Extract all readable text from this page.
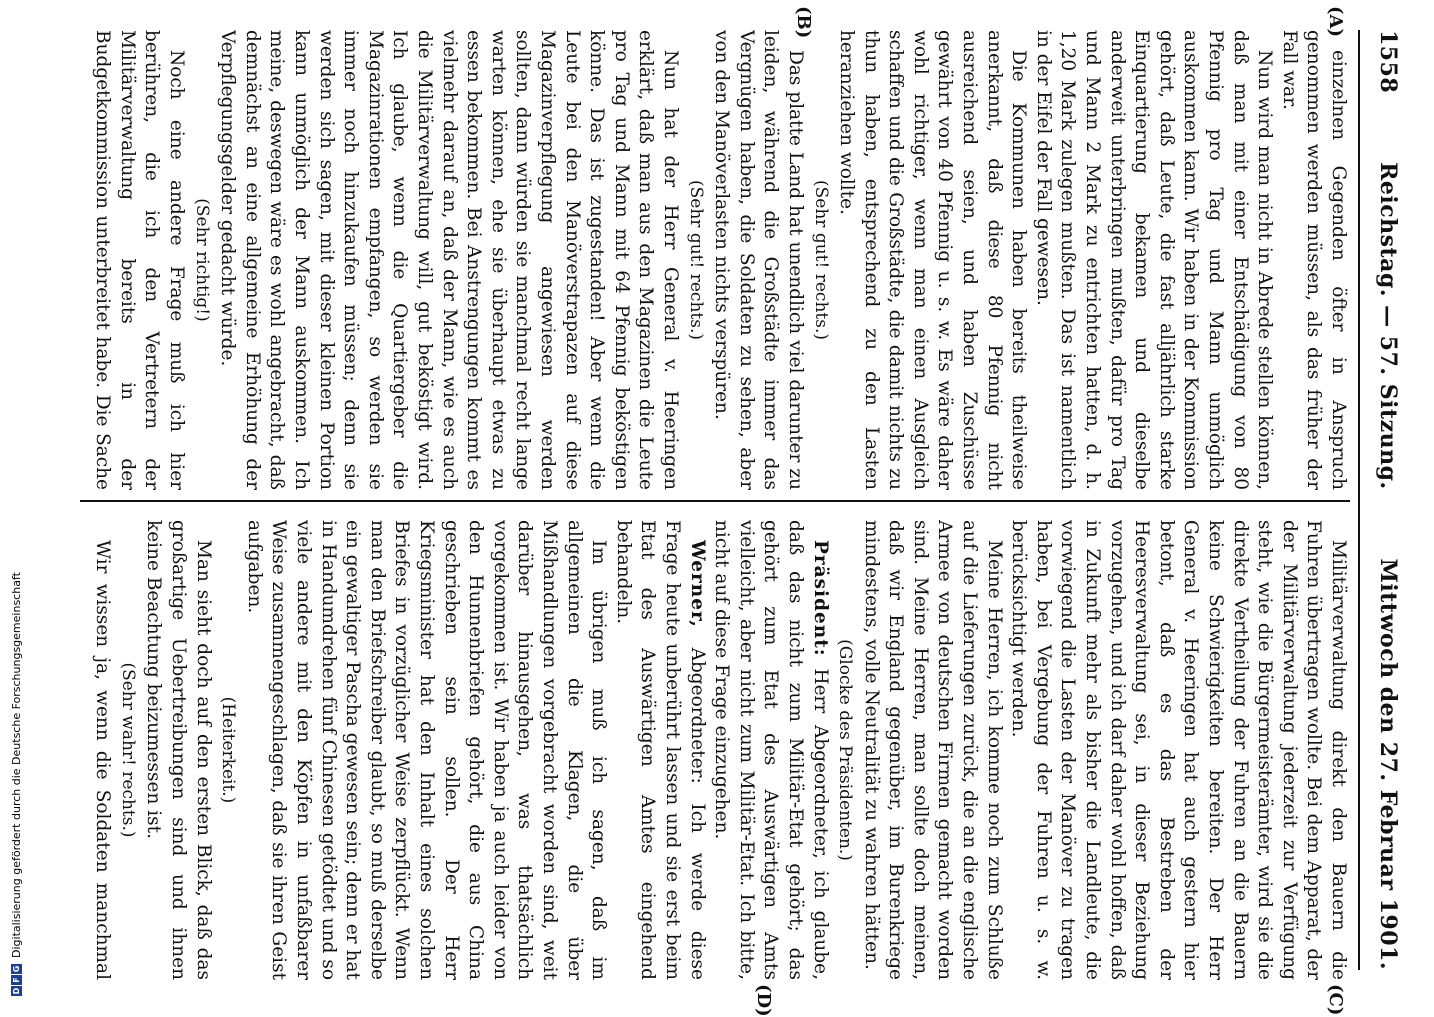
1558
Reichstag. — 57. Sitzung.
Mittwoch den 27. Februar 1901.
(A)
(B)
(C)
(D)

einzelnen Gegenden öfter in Anspruch genommen werden müssen, als das früher der Fall war.

Nun wird man nicht in Abrede stellen können, daß man mit einer Entschädigung von 80 Pfennig pro Tag und Mann unmöglich auskommen kann. Wir haben in der Kommission gehört, daß Leute, die fast alljährlich starke Einquartierung bekamen und dieselbe anderweit unterbringen mußten, dafür pro Tag und Mann 2 Mark zu entrichten hatten, d. h. 1,20 Mark zulegen mußten. Das ist namentlich in der Eifel der Fall gewesen.

Die Kommunen haben bereits theilweise anerkannt, daß diese 80 Pfennig nicht ausreichend seien, und haben Zuschüsse gewährt von 40 Pfennig u. s. w. Es wäre daher wohl richtiger, wenn man einen Ausgleich schaffen und die Großstädte, die damit nichts zu thun haben, entsprechend zu den Lasten heranziehen wollte.

(Sehr gut! rechts.)

Das platte Land hat unendlich viel darunter zu leiden, während die Großstädte immer das Vergnügen haben, die Soldaten zu sehen, aber von den Manöverlasten nichts verspüren.

(Sehr gut! rechts.)

Nun hat der Herr General v. Heeringen erklärt, daß man aus den Magazinen die Leute pro Tag und Mann mit 64 Pfennig beköstigen könne. Das ist zugestanden! Aber wenn die Leute bei den Manöverstrapazen auf diese Magazinverpflegung angewiesen werden sollten, dann würden sie manchmal recht lange warten können, ehe sie überhaupt etwas zu essen bekommen. Bei Anstrengungen kommt es vielmehr darauf an, daß der Mann, wie es auch die Militärverwaltung will, gut beköstigt wird. Ich glaube, wenn die Quartiergeber die Magazinrationen empfangen, so werden sie immer noch hinzukaufen müssen; denn sie werden sich sagen, mit dieser kleinen Portion kann unmöglich der Mann auskommen. Ich meine, deswegen wäre es wohl angebracht, daß demnächst an eine allgemeine Erhöhung der Verpflegungsgelder gedacht würde.

(Sehr richtig!)

Noch eine andere Frage muß ich hier berühren, die ich den Vertretern der Militärverwaltung bereits in der Budgetkommission unterbreitet habe. Die Sache

Militärverwaltung direkt den Bauern die Fuhren übertragen wollte. Bei dem Apparat, der der Militärverwaltung jederzeit zur Verfügung steht, wie die Bürgermeisterämter, wird sie die direkte Vertheilung der Fuhren an die Bauern keine Schwierigkeiten bereiten. Der Herr General v. Heeringen hat auch gestern hier betont, daß es das Bestreben der Heeresverwaltung sei, in dieser Beziehung vorzugehen, und ich darf daher wohl hoffen, daß in Zukunft mehr als bisher die Landleute, die vorwiegend die Lasten der Manöver zu tragen haben, bei Vergebung der Fuhren u. s. w. berücksichtigt werden.

Meine Herren, ich komme noch zum Schluße auf die Lieferungen zurück, die an die englische Armee von deutschen Firmen gemacht worden sind. Meine Herren, man sollte doch meinen, daß wir England gegenüber, im Burenkriege mindestens, volle Neutralität zu wahren hätten.

(Glocke des Präsidenten.)

Präsident: Herr Abgeordneter, ich glaube, daß das nicht zum Militär-Etat gehört; das gehört zum Etat des Auswärtigen Amts vielleicht, aber nicht zum Militär-Etat. Ich bitte, nicht auf diese Frage einzugehen.

Werner, Abgeordneter: Ich werde diese Frage heute unberührt lassen und sie erst beim Etat des Auswärtigen Amtes eingehend behandeln.

Im übrigen muß ich sagen, daß im allgemeinen die Klagen, die über Mißhandlungen vorgebracht worden sind, weit darüber hinausgehen, was thatsächlich vorgekommen ist. Wir haben ja auch leider von den Hunnenbriefen gehört, die aus China geschrieben sein sollen. Der Herr Kriegsminister hat den Inhalt eines solchen Briefes in vorzüglicher Weise zerpflückt. Wenn man den Briefschreiber glaubt, so muß derselbe ein gewaltiger Pascha gewesen sein; denn er hat in Handumdrehen fünf Chinesen getödtet und so viele andere mit den Köpfen in unfaßbarer Weise zusammengeschlagen, daß sie ihren Geist aufgaben.

(Heiterkeit.)

Man sieht doch auf den ersten Blick, daß das großartige Uebertreibungen sind und ihnen keine Beachtung beizumessen ist.

(Sehr wahr! rechts.)

Wir wissen ja, wenn die Soldaten manchmal

D
F
G
Digitalisierung gefördert durch die Deutsche Forschungsgemeinschaft
